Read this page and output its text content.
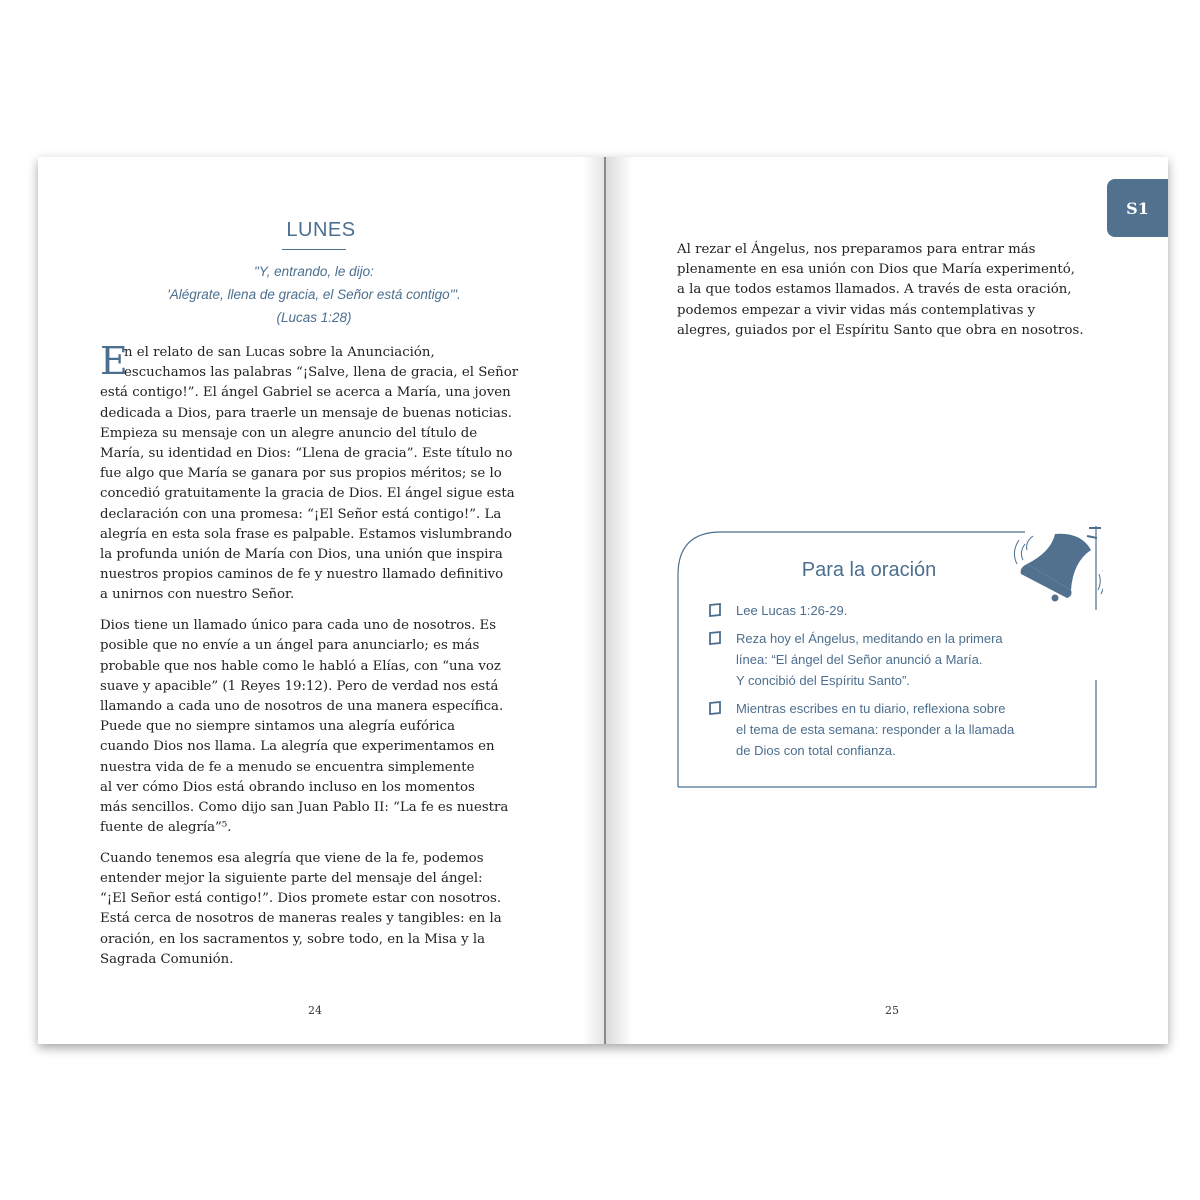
LUNES
"Y, entrando, le dijo:
'Alégrate, llena de gracia, el Señor está contigo'".
(Lucas 1:28)
E

n el relato de san Lucas sobre la Anunciación,
escuchamos las palabras “¡Salve, llena de gracia, el Señor
está contigo!”. El ángel Gabriel se acerca a María, una joven
dedicada a Dios, para traerle un mensaje de buenas noticias.
Empieza su mensaje con un alegre anuncio del título de
María, su identidad en Dios: “Llena de gracia”. Este título no
fue algo que María se ganara por sus propios méritos; se lo
concedió gratuitamente la gracia de Dios. El ángel sigue esta
declaración con una promesa: “¡El Señor está contigo!”. La
alegría en esta sola frase es palpable. Estamos vislumbrando
la profunda unión de María con Dios, una unión que inspira
nuestros propios caminos de fe y nuestro llamado definitivo
a unirnos con nuestro Señor.

Dios tiene un llamado único para cada uno de nosotros. Es
posible que no envíe a un ángel para anunciarlo; es más
probable que nos hable como le habló a Elías, con “una voz
suave y apacible” (1 Reyes 19:12). Pero de verdad nos está
llamando a cada uno de nosotros de una manera específica.
Puede que no siempre sintamos una alegría eufórica
cuando Dios nos llama. La alegría que experimentamos en
nuestra vida de fe a menudo se encuentra simplemente
al ver cómo Dios está obrando incluso en los momentos
más sencillos. Como dijo san Juan Pablo II: “La fe es nuestra
fuente de alegría”⁵.

Cuando tenemos esa alegría que viene de la fe, podemos
entender mejor la siguiente parte del mensaje del ángel:
“¡El Señor está contigo!”. Dios promete estar con nosotros.
Está cerca de nosotros de maneras reales y tangibles: en la
oración, en los sacramentos y, sobre todo, en la Misa y la
Sagrada Comunión.

24	25
S1
Al rezar el Ángelus, nos preparamos para entrar más
plenamente en esa unión con Dios que María experimentó,
a la que todos estamos llamados. A través de esta oración,
podemos empezar a vivir vidas más contemplativas y
alegres, guiados por el Espíritu Santo que obra en nosotros.
Para la oración
Lee Lucas 1:26-29.
Reza hoy el Ángelus, meditando en la primera
línea: “El ángel del Señor anunció a María.
Y concibió del Espíritu Santo”.
Mientras escribes en tu diario, reflexiona sobre
el tema de esta semana: responder a la llamada
de Dios con total confianza.
